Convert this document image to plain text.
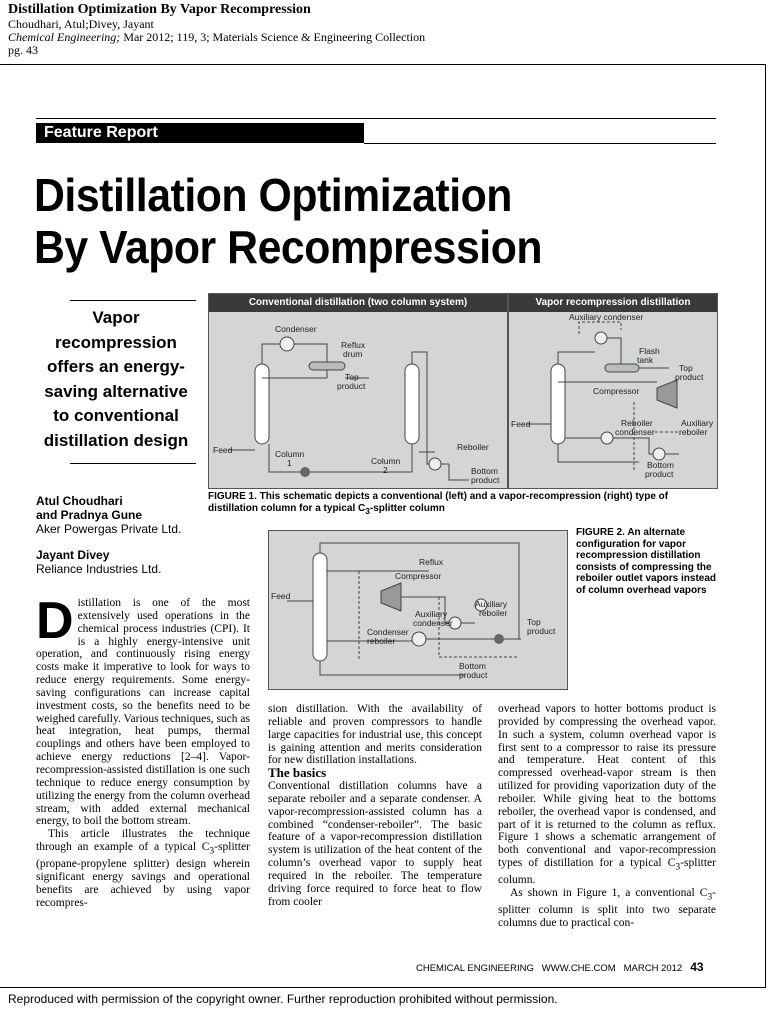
Distillation Optimization By Vapor Recompression
Choudhari, Atul;Divey, Jayant
Chemical Engineering; Mar 2012; 119, 3; Materials Science & Engineering Collection
pg. 43
Feature Report
Distillation Optimization
By Vapor Recompression
Vapor
recompression
offers an energy-
saving alternative
to conventional
distillation design
Atul Choudhari
and Pradnya Gune
Aker Powergas Private Ltd.
Jayant Divey
Reliance Industries Ltd.
Conventional distillation (two column system)
Condenser
Reflux
drum
Top
product
Feed	Column
1	Column
2
Reboiler
Bottom
product
Vapor recompression distillation
Auxiliary condenser
Flash
tank
Top
product
Compressor
Feed	Reboiler
condenser
Auxiliary
reboiler
Bottom
product
FIGURE 1. This schematic depicts a conventional (left) and a vapor-recompression (right) type of distillation column for a typical $C_3$-splitter column
Reflux
Compressor
Feed
Auxiliary
condenser
Auxiliary
reboiler
Condenser
reboiler
Top
product
Bottom
product
FIGURE 2. An alternate configuration for vapor recompression distillation consists of compressing the reboiler outlet vapors instead of column overhead vapors

Distillation is one of the most extensively used operations in the chemical process industries (CPI). It is a highly energy-intensive unit operation, and continuously rising energy costs make it imperative to look for ways to reduce energy requirements. Some energy-saving configurations can increase capital investment costs, so the benefits need to be weighed carefully. Various techniques, such as heat integration, heat pumps, thermal couplings and others have been employed to achieve energy reductions [2–4]. Vapor-recompression-assisted distillation is one such technique to reduce energy consumption by utilizing the energy from the column overhead stream, with added external mechanical energy, to boil the bottom stream.

This article illustrates the technique through an example of a typical $C_3$-splitter (propane-propylene splitter) design wherein significant energy savings and operational benefits are achieved by using vapor recompres-

sion distillation. With the availability of reliable and proven compressors to handle large capacities for industrial use, this concept is gaining attention and merits consideration for new distillation installations.

The basics

Conventional distillation columns have a separate reboiler and a separate condenser. A vapor-recompression-assisted column has a combined “condenser-reboiler”. The basic feature of a vapor-recompression distillation system is utilization of the heat content of the column’s overhead vapor to supply heat required in the reboiler. The temperature driving force required to force heat to flow from cooler

overhead vapors to hotter bottoms product is provided by compressing the overhead vapor. In such a system, column overhead vapor is first sent to a compressor to raise its pressure and temperature. Heat content of this compressed overhead-vapor stream is then utilized for providing vaporization duty of the reboiler. While giving heat to the bottoms reboiler, the overhead vapor is condensed, and part of it is returned to the column as reflux. Figure 1 shows a schematic arrangement of both conventional and vapor-recompression types of distillation for a typical $C_3$-splitter column.

As shown in Figure 1, a conventional $C_3$-splitter column is split into two separate columns due to practical con-

CHEMICAL ENGINEERING   WWW.CHE.COM   MARCH 2012 43
Reproduced with permission of the copyright owner. Further reproduction prohibited without permission.
